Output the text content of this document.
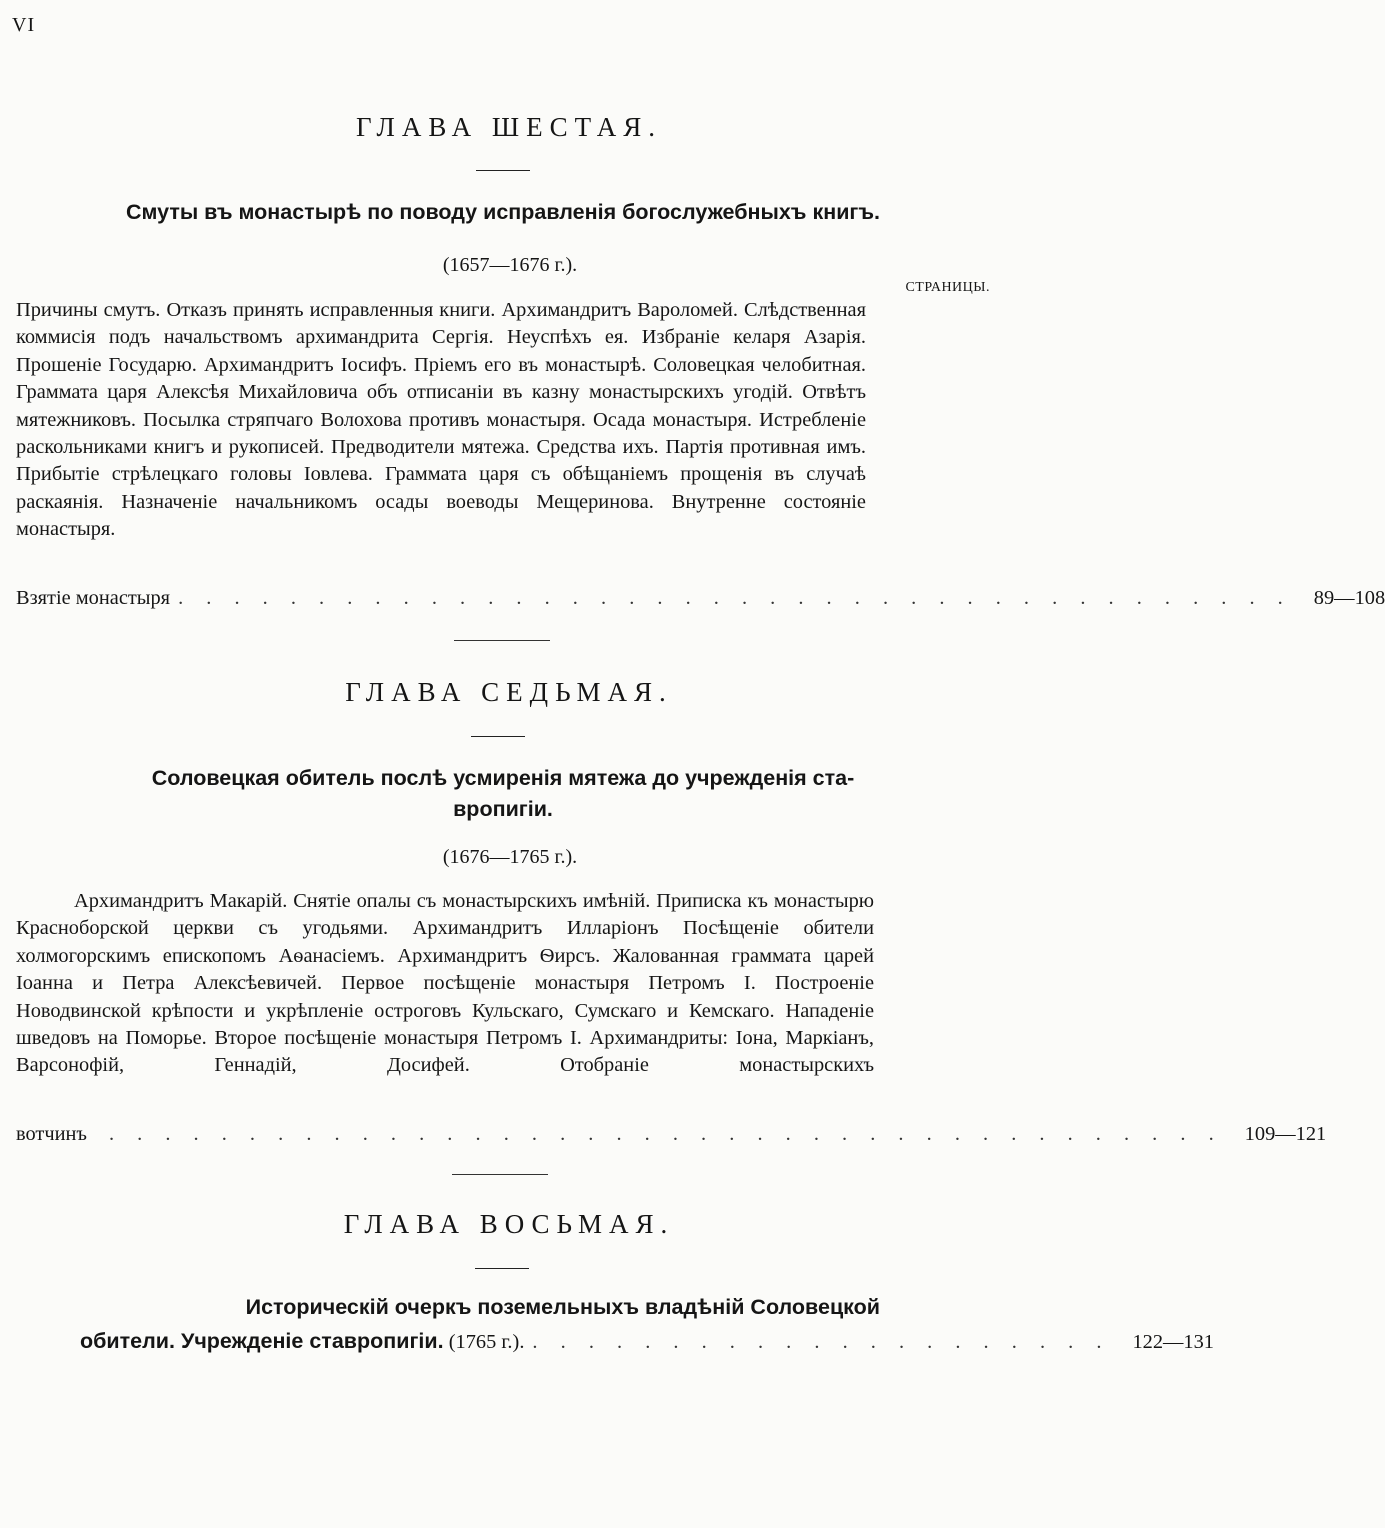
VI
ГЛАВА ШЕСТАЯ.

Смуты въ монастырѣ по поводу исправленія богослужебныхъ книгъ.

(1657—1676 г.).

СТРАНИЦЫ.

Причины смутъ. Отказъ принять исправленныя книги. Архимандритъ Вароломей. Слѣдственная коммисія подъ начальствомъ архимандрита Сергія. Неуспѣхъ ея. Избраніе келаря Азарія. Прошеніе Государю. Архимандритъ Іосифъ. Пріемъ его въ монастырѣ. Соловецкая челобитная. Грамматa царя Алексѣя Михайловича объ отписаніи въ казну монастырскихъ угодій. Отвѣтъ мятежниковъ. Посылка стряпчаго Волохова противъ монастыря. Осада монастыря. Истребленіе раскольниками книгъ и рукописей. Предводители мятежа. Средства ихъ. Партія противная имъ. Прибытіе стрѣлецкаго головы Іовлева. Грамматa царя съ обѣщаніемъ прощенія въ случаѣ раскаянія. Назначеніе начальникомъ осады воеводы Мещеринова. Внутренне состояніе монастыря.

Взятіе монастыря . . . . . . . . . . . . . . . . . . . . . . . . . . . . . . . . . . . . . . . . 89—108
ГЛАВА СЕДЬМАЯ.

Соловецкая обитель послѣ усмиренія мятежа до учрежденія ста-

вропигіи.

(1676—1765 г.).

Архимандритъ Макарій. Снятіе опалы съ монастырскихъ имѣній. Приписка къ монастырю Красноборской церкви съ угодьями. Архимандритъ Илларіонъ Посѣщеніе обители холмогорскимъ епископомъ Аѳанасіемъ. Архимандритъ Ѳирсъ. Жалованная грамматa царей Іоанна и Петра Алексѣевичей. Первое посѣщеніе монастыря Петромъ I. Построеніе Новодвинской крѣпости и укрѣпленіе остроговъ Кульскаго, Сумскаго и Кемскаго. Нападеніе шведовъ на Поморье. Второе посѣщеніе монастыря Петромъ I. Архимандриты: Іона, Маркіанъ, Варсонофій, Геннадій, Досифей. Отобраніе монастырскихъ

вотчинъ . . . . . . . . . . . . . . . . . . . . . . . . . . . . . . . . . . . . . . . . 109—121
ГЛАВА ВОСЬМАЯ.

Историческій очеркъ поземельныхъ владѣній Соловецкой

обители. Учрежденіе ставропигіи. (1765 г.). . . . . . . . . . . . . . . . . . . . . . 122—131
